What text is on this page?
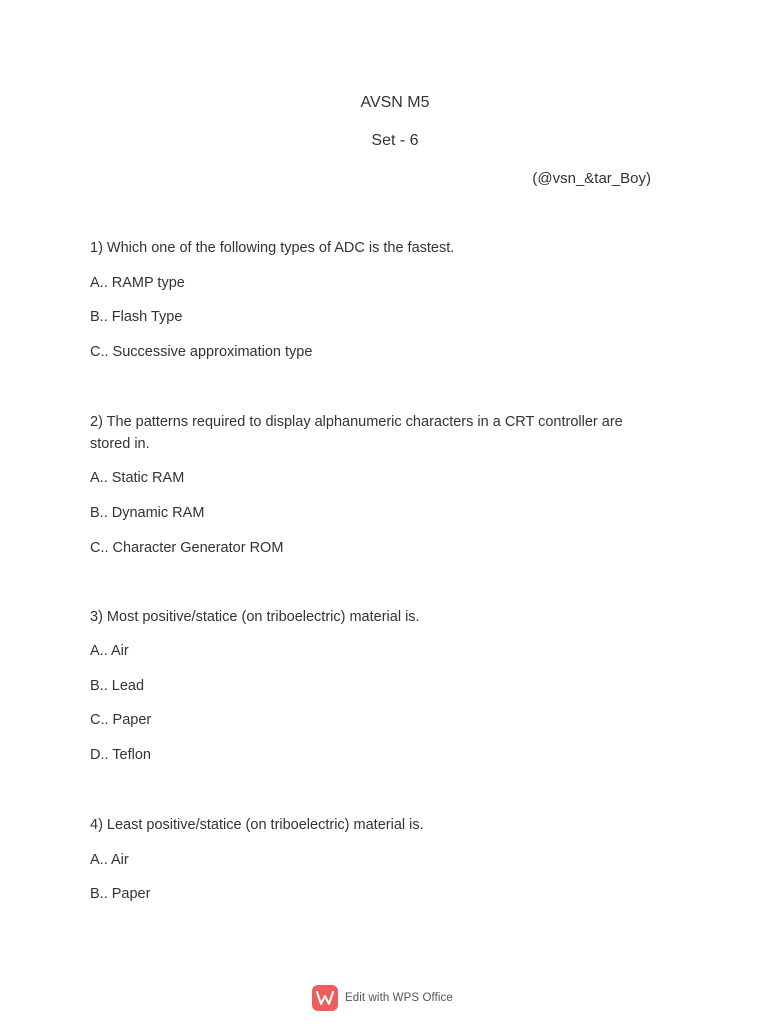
AVSN M5
Set - 6
(@vsn_&tar_Boy)
1) Which one of the following types of ADC is the fastest.
A.. RAMP type
B.. Flash Type
C.. Successive approximation type
2) The patterns required to display alphanumeric characters in a CRT controller are stored in.
A.. Static RAM
B.. Dynamic RAM
C.. Character Generator ROM
3) Most positive/statice (on triboelectric) material is.
A.. Air
B.. Lead
C.. Paper
D.. Teflon
4) Least positive/statice (on triboelectric) material is.
A.. Air
B.. Paper
Edit with WPS Office
